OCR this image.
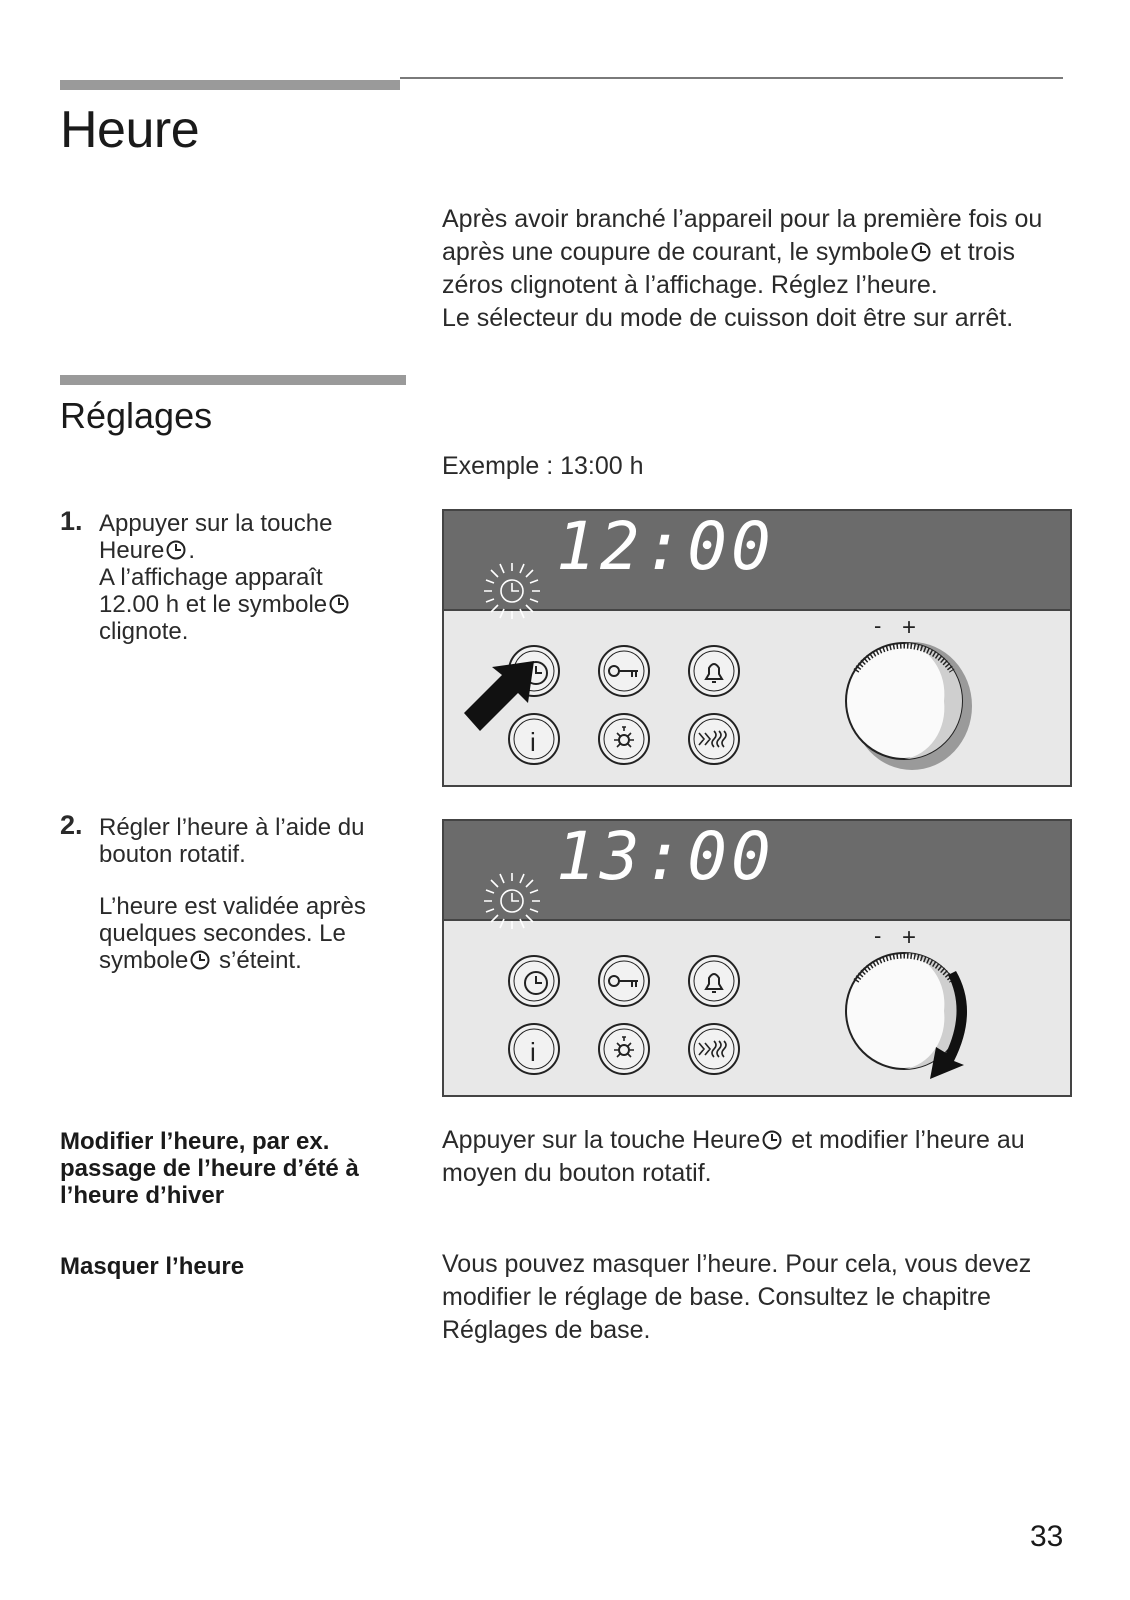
Heure
Après avoir branché l’appareil pour la première fois ou
après une coupure de courant, le symbole et trois
zéros clignotent à l’affichage. Réglez l’heure.
Le sélecteur du mode de cuisson doit être sur arrêt.
Réglages
Exemple : 13:00 h
1. Appuyer sur la touche
Heure .
A l’affichage apparaît
12.00 h et le symbole
clignote.
2. Régler l’heure à l’aide du
bouton rotatif.
L’heure est validée après
quelques secondes. Le
symbole s’éteint.
12:00
- +
i
13:00
- +
i
Modifier l’heure, par ex.
passage de l’heure d’été à
l’heure d’hiver
Appuyer sur la touche Heure et modifier l’heure au
moyen du bouton rotatif.
Masquer l’heure	Vous pouvez masquer l’heure. Pour cela, vous devez
modifier le réglage de base. Consultez le chapitre
Réglages de base.
33
